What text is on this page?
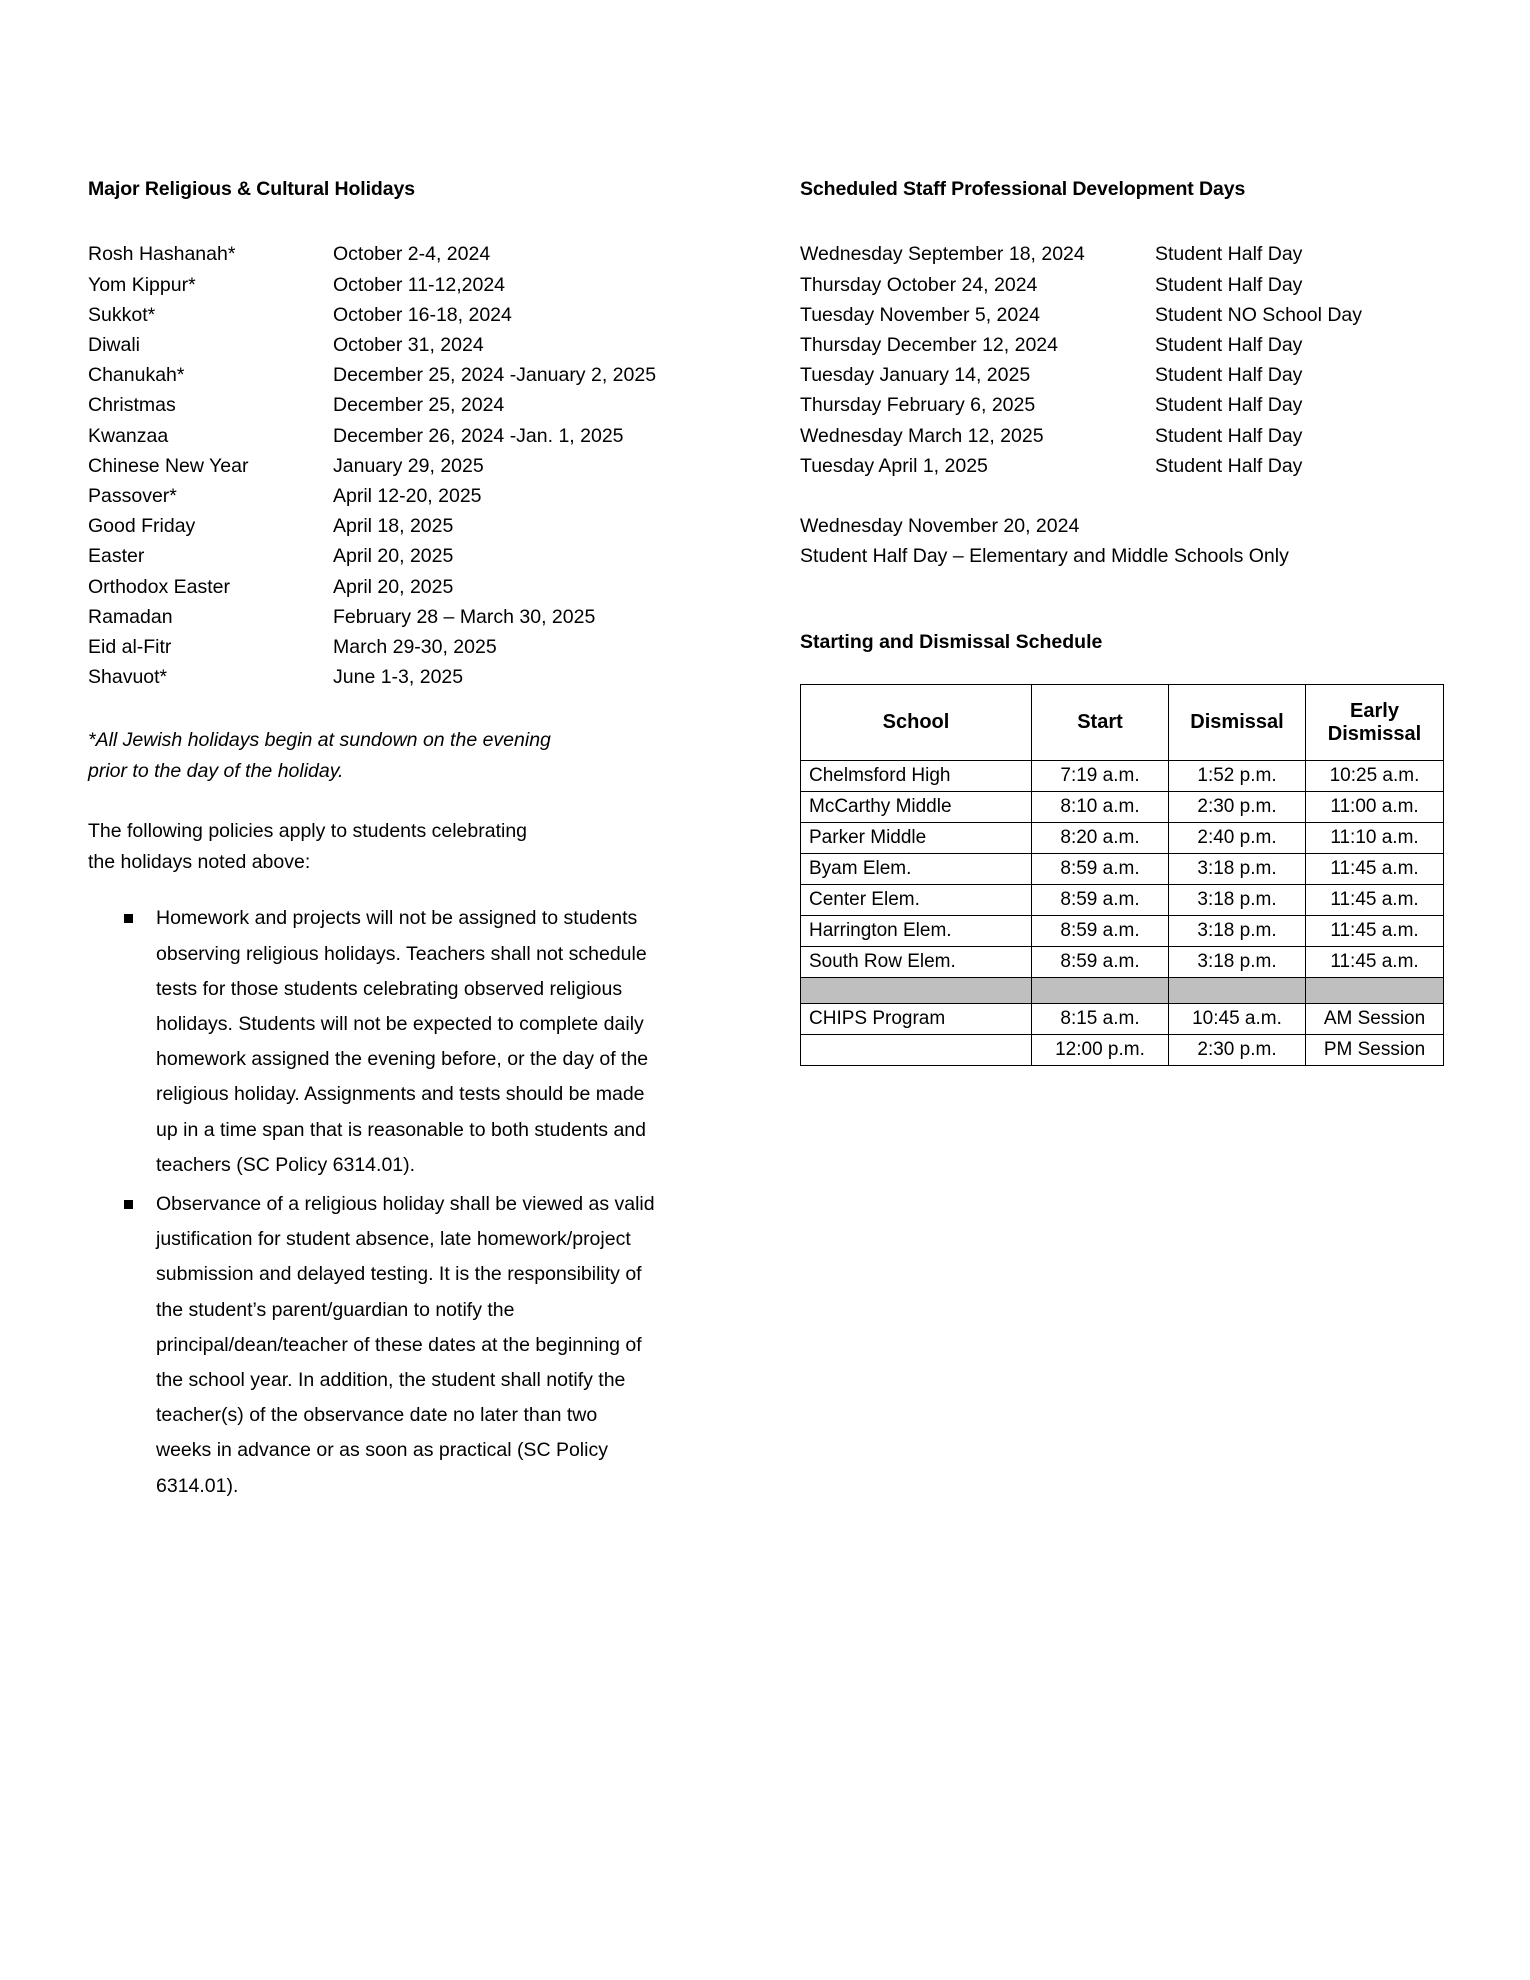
Major Religious & Cultural Holidays
Rosh Hashanah*	October 2-4, 2024
Yom Kippur*	October 11-12,2024
Sukkot*	October 16-18, 2024
Diwali	October 31, 2024
Chanukah*	December 25, 2024 -January 2, 2025
Christmas	December 25, 2024
Kwanzaa	December 26, 2024 -Jan. 1, 2025
Chinese New Year	January 29, 2025
Passover*	April 12-20, 2025
Good Friday	April 18, 2025
Easter	April 20, 2025
Orthodox Easter	April 20, 2025
Ramadan	February 28 – March 30, 2025
Eid al-Fitr	March 29-30, 2025
Shavuot*	June 1-3, 2025

*All Jewish holidays begin at sundown on the evening prior to the day of the holiday.

The following policies apply to students celebrating the holidays noted above:

Homework and projects will not be assigned to students observing religious holidays. Teachers shall not schedule tests for those students celebrating observed religious holidays. Students will not be expected to complete daily homework assigned the evening before, or the day of the religious holiday. Assignments and tests should be made up in a time span that is reasonable to both students and teachers (SC Policy 6314.01).
Observance of a religious holiday shall be viewed as valid justification for student absence, late homework/project submission and delayed testing. It is the responsibility of the student’s parent/guardian to notify the principal/dean/teacher of these dates at the beginning of the school year. In addition, the student shall notify the teacher(s) of the observance date no later than two weeks in advance or as soon as practical (SC Policy 6314.01).
Scheduled Staff Professional Development Days
Wednesday September 18, 2024	Student Half Day
Thursday October 24, 2024	Student Half Day
Tuesday November 5, 2024	Student NO School Day
Thursday December 12, 2024	Student Half Day
Tuesday January 14, 2025	Student Half Day
Thursday February 6, 2025	Student Half Day
Wednesday March 12, 2025	Student Half Day
Tuesday April 1, 2025	Student Half Day
Wednesday November 20, 2024
Student Half Day – Elementary and Middle Schools Only
Starting and Dismissal Schedule
School	Start	Dismissal	Early Dismissal
Chelmsford High	7:19 a.m.	1:52 p.m.	10:25 a.m.
McCarthy Middle	8:10 a.m.	2:30 p.m.	11:00 a.m.
Parker Middle	8:20 a.m.	2:40 p.m.	11:10 a.m.
Byam Elem.	8:59 a.m.	3:18 p.m.	11:45 a.m.
Center Elem.	8:59 a.m.	3:18 p.m.	11:45 a.m.
Harrington Elem.	8:59 a.m.	3:18 p.m.	11:45 a.m.
South Row Elem.	8:59 a.m.	3:18 p.m.	11:45 a.m.

CHIPS Program	8:15 a.m.	10:45 a.m.	AM Session
	12:00 p.m.	2:30 p.m.	PM Session
